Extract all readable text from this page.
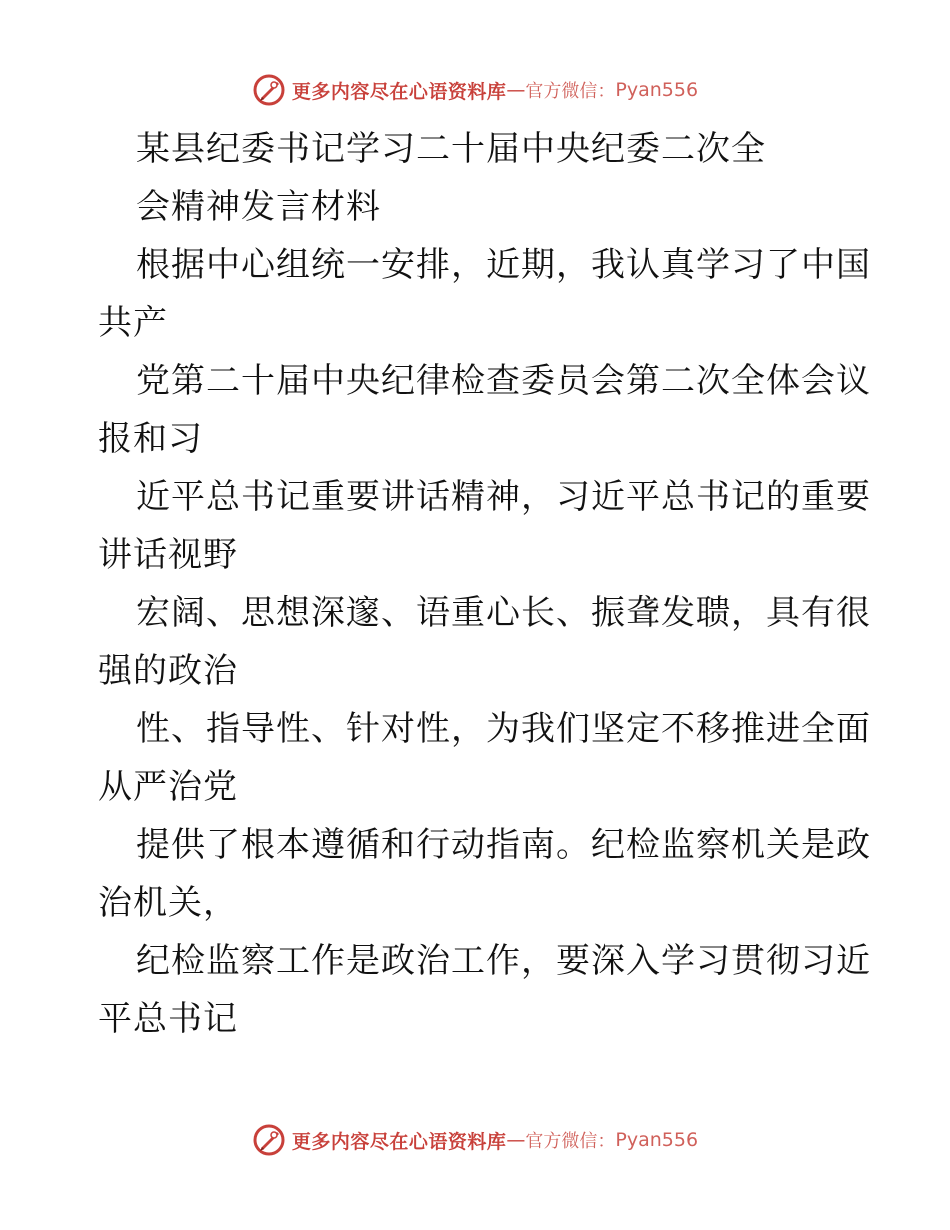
更多内容尽在心语资料库 — 官方微信： Pyan556
某县纪委书记学习二十届中央纪委二次全
会精神发言材料
根据中心组统一安排，近期，我认真学习了中国
共产
党第二十届中央纪律检查委员会第二次全体会议
报和习
近平总书记重要讲话精神，习近平总书记的重要
讲话视野
宏阔、思想深邃、语重心长、振聋发聩，具有很
强的政治
性、指导性、针对性，为我们坚定不移推进全面
从严治党
提供了根本遵循和行动指南。纪检监察机关是政
治机关，
纪检监察工作是政治工作，要深入学习贯彻习近
平总书记
更多内容尽在心语资料库 — 官方微信： Pyan556
